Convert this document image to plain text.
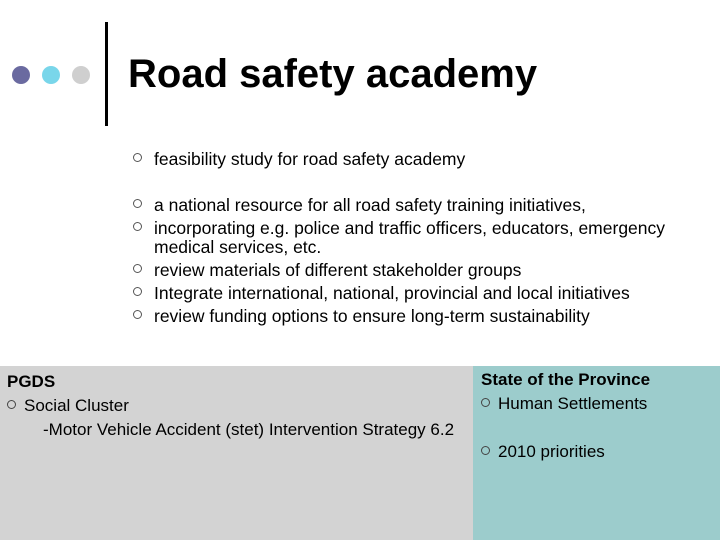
Road safety academy
feasibility study for road safety academy
a national resource for all road safety training initiatives,
incorporating e.g. police and traffic officers, educators, emergency medical services, etc.
review materials of different stakeholder groups
Integrate international, national, provincial and local initiatives
review funding options to ensure long-term sustainability
PGDS
Social Cluster
-Motor Vehicle Accident (stet) Intervention Strategy 6.2
State of the Province
Human Settlements
2010 priorities
